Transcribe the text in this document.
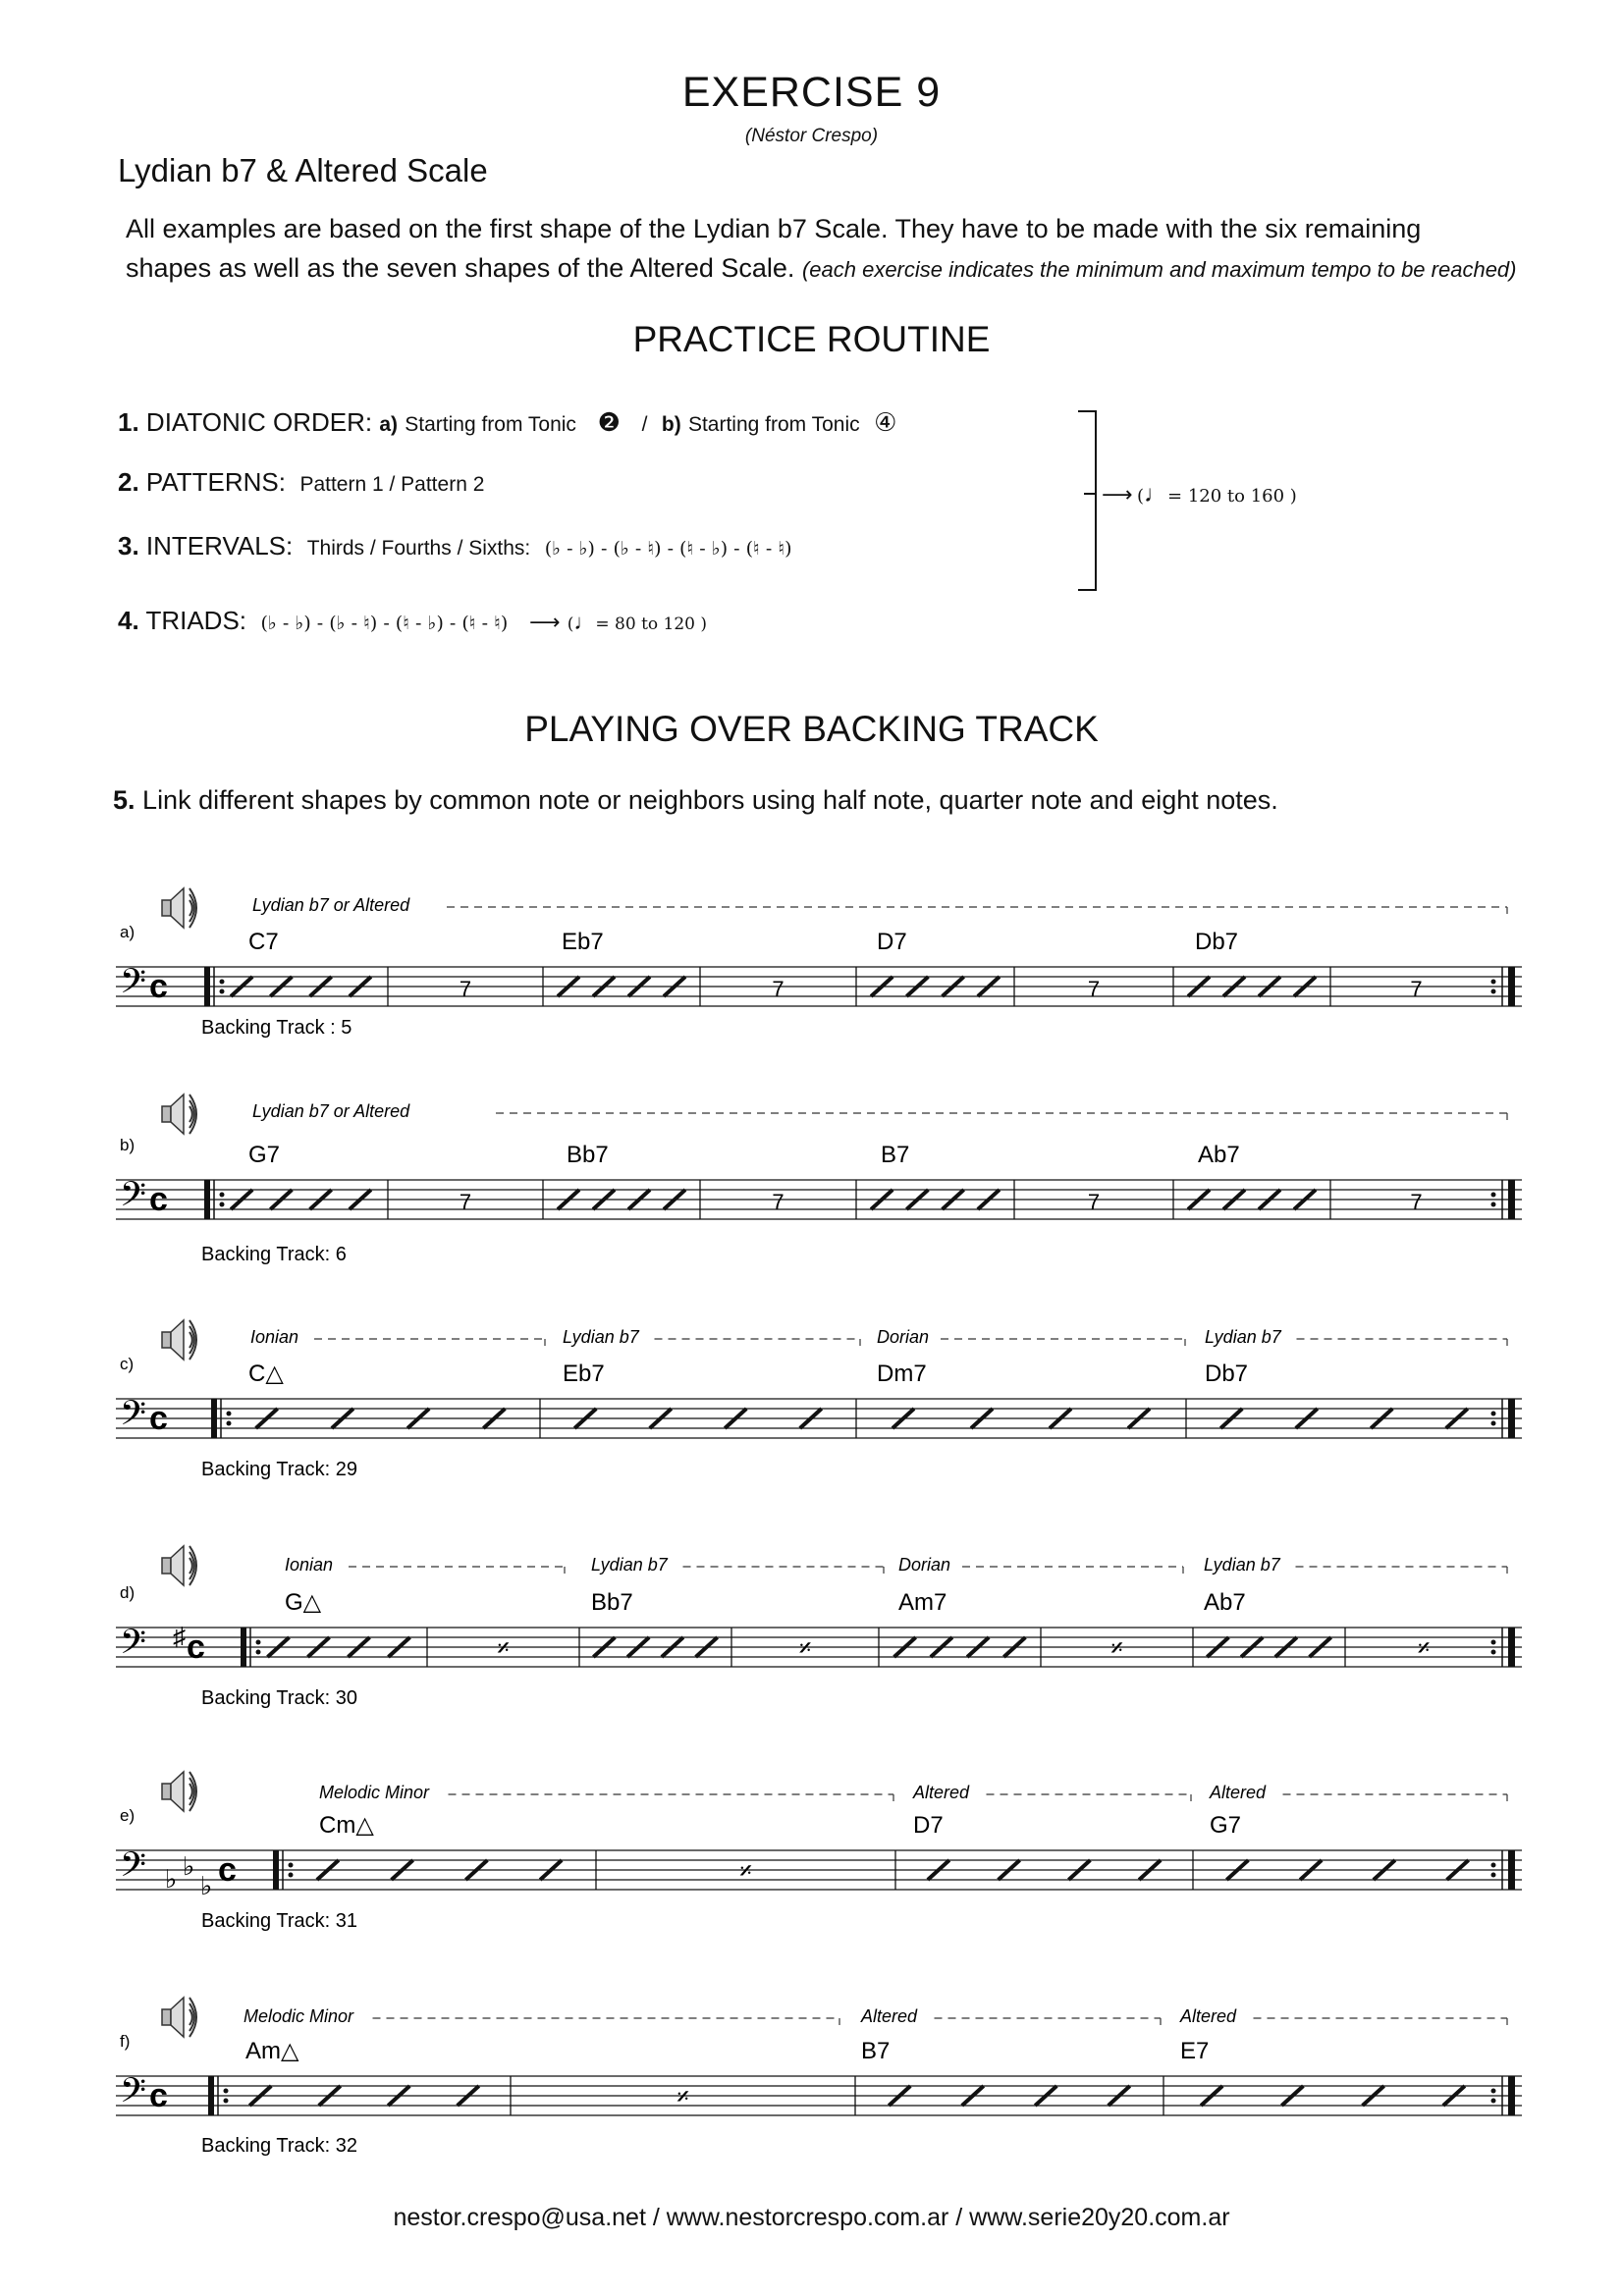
EXERCISE 9
(Néstor Crespo)
Lydian b7 & Altered Scale
All examples are based on the first shape of the Lydian b7 Scale. They have to be made with the six remaining
shapes as well as the seven shapes of the Altered Scale. (each exercise indicates the minimum and maximum tempo to be reached)
PRACTICE ROUTINE
1. DIATONIC ORDER: a) Starting from Tonic ❷ / b) Starting from Tonic ④
2. PATTERNS: Pattern 1 / Pattern 2
3. INTERVALS: Thirds / Fourths / Sixths: (♭ - ♭) - (♭ - ♮) - (♮ - ♭) - (♮ - ♮)
4. TRIADS: (♭ - ♭) - (♭ - ♮) - (♮ - ♭) - (♮ - ♮) ⟶ (♩= 80 to 120 )
⟶ (♩= 120 to 160 )
PLAYING OVER BACKING TRACK
5. Link different shapes by common note or neighbors using half note, quarter note and eight notes.
nestor.crespo@usa.net / www.nestorcrespo.com.ar / www.serie20y20.com.ar
a)
𝄢 c	7	7	7	7
C7	Eb7	D7	Db7
Lydian b7 or Altered
Backing Track : 5
b)
𝄢 c	7	7	7	7
G7	Bb7	B7	Ab7
Lydian b7 or Altered
Backing Track: 6
c)
𝄢 c
C△	Eb7	Dm7	Db7
Ionian	Lydian b7	Dorian	Lydian b7
Backing Track: 29
d)
𝄢 ♯ c	𝄎	𝄎	𝄎	𝄎
G△	Bb7	Am7	Ab7
Ionian	Lydian b7	Dorian	Lydian b7
Backing Track: 30
e)
𝄢 ♭ ♭
♭ c	𝄎
Cm△	D7	G7
Melodic Minor	Altered	Altered
Backing Track: 31
f)
𝄢 c	𝄎
Am△	B7	E7
Melodic Minor	Altered	Altered
Backing Track: 32
